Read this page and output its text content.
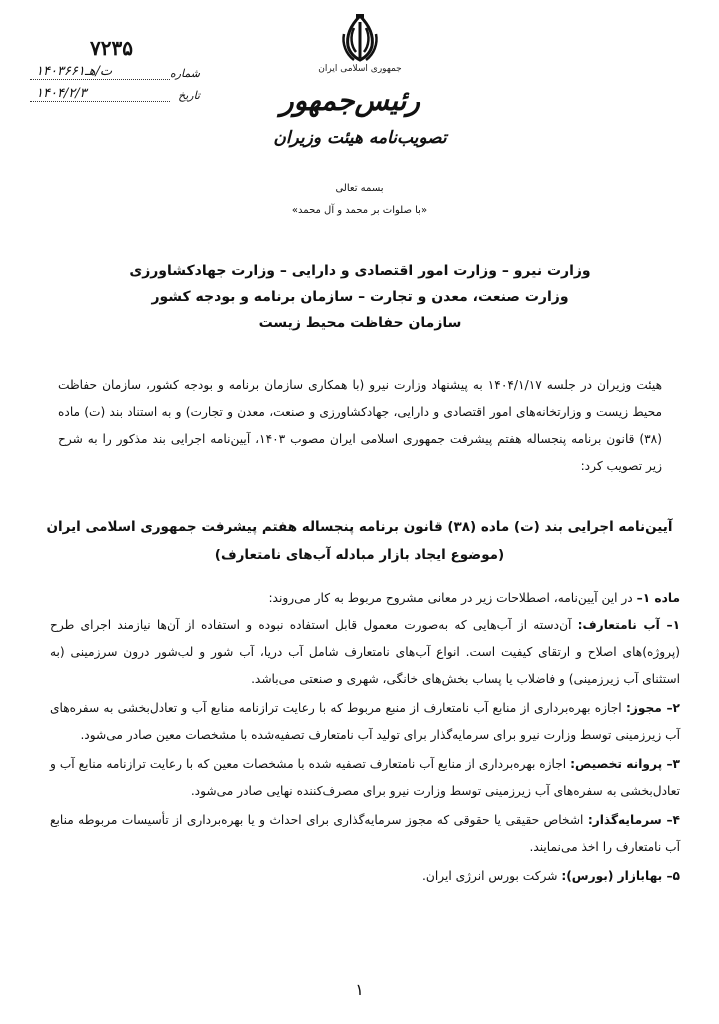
جمهوری اسلامی ایران
رئیس‌جمهور
تصویب‌نامه هیئت وزیران
۷۲۳۵
شماره
۱۴۰۳۶۶۱ت/هـ
تاریخ
۱۴۰۴/۲/۳
بسمه تعالی
«با صلوات بر محمد و آل محمد»
وزارت نیرو – وزارت امور اقتصادی و دارایی – وزارت جهادکشاورزی
وزارت صنعت، معدن و تجارت – سازمان برنامه و بودجه کشور
سازمان حفاظت محیط زیست
هیئت وزیران در جلسه ۱۴۰۴/۱/۱۷ به پیشنهاد وزارت نیرو (با همکاری سازمان برنامه و بودجه کشور، سازمان حفاظت محیط زیست و وزارتخانه‌های امور اقتصادی و دارایی، جهادکشاورزی و صنعت، معدن و تجارت) و به استناد بند (ت) ماده (۳۸) قانون برنامه پنجساله هفتم پیشرفت جمهوری اسلامی ایران مصوب ۱۴۰۳، آیین‌نامه اجرایی بند مذکور را به شرح زیر تصویب کرد:
آیین‌نامه اجرایی بند (ت) ماده (۳۸) قانون برنامه پنجساله هفتم پیشرفت جمهوری اسلامی ایران
(موضوع ایجاد بازار مبادله آب‌های نامتعارف)
ماده ۱– در این آیین‌نامه، اصطلاحات زیر در معانی مشروح مربوط به کار می‌روند:
۱– آب نامتعارف: آن‌دسته از آب‌هایی که به‌صورت معمول قابل استفاده نبوده و استفاده از آن‌ها نیازمند اجرای طرح (پروژه)های اصلاح و ارتقای کیفیت است. انواع آب‌های نامتعارف شامل آب دریا، آب شور و لب‌شور درون سرزمینی (به استثنای آب زیرزمینی) و فاضلاب یا پساب بخش‌های خانگی، شهری و صنعتی می‌باشد.
۲– مجوز: اجازه بهره‌برداری از منابع آب نامتعارف از منبع مربوط که با رعایت ترازنامه منابع آب و تعادل‌بخشی به سفره‌های آب زیرزمینی توسط وزارت نیرو برای سرمایه‌گذار برای تولید آب نامتعارف تصفیه‌شده با مشخصات معین صادر می‌شود.
۳– پروانه تخصیص: اجازه بهره‌برداری از منابع آب نامتعارف تصفیه شده با مشخصات معین که با رعایت ترازنامه منابع آب و تعادل‌بخشی به سفره‌های آب زیرزمینی توسط وزارت نیرو برای مصرف‌کننده نهایی صادر می‌شود.
۴– سرمایه‌گذار: اشخاص حقیقی یا حقوقی که مجوز سرمایه‌گذاری برای احداث و یا بهره‌برداری از تأسیسات مربوطه منابع آب نامتعارف را اخذ می‌نمایند.
۵– بهابازار (بورس): شرکت بورس انرژی ایران.
۱
